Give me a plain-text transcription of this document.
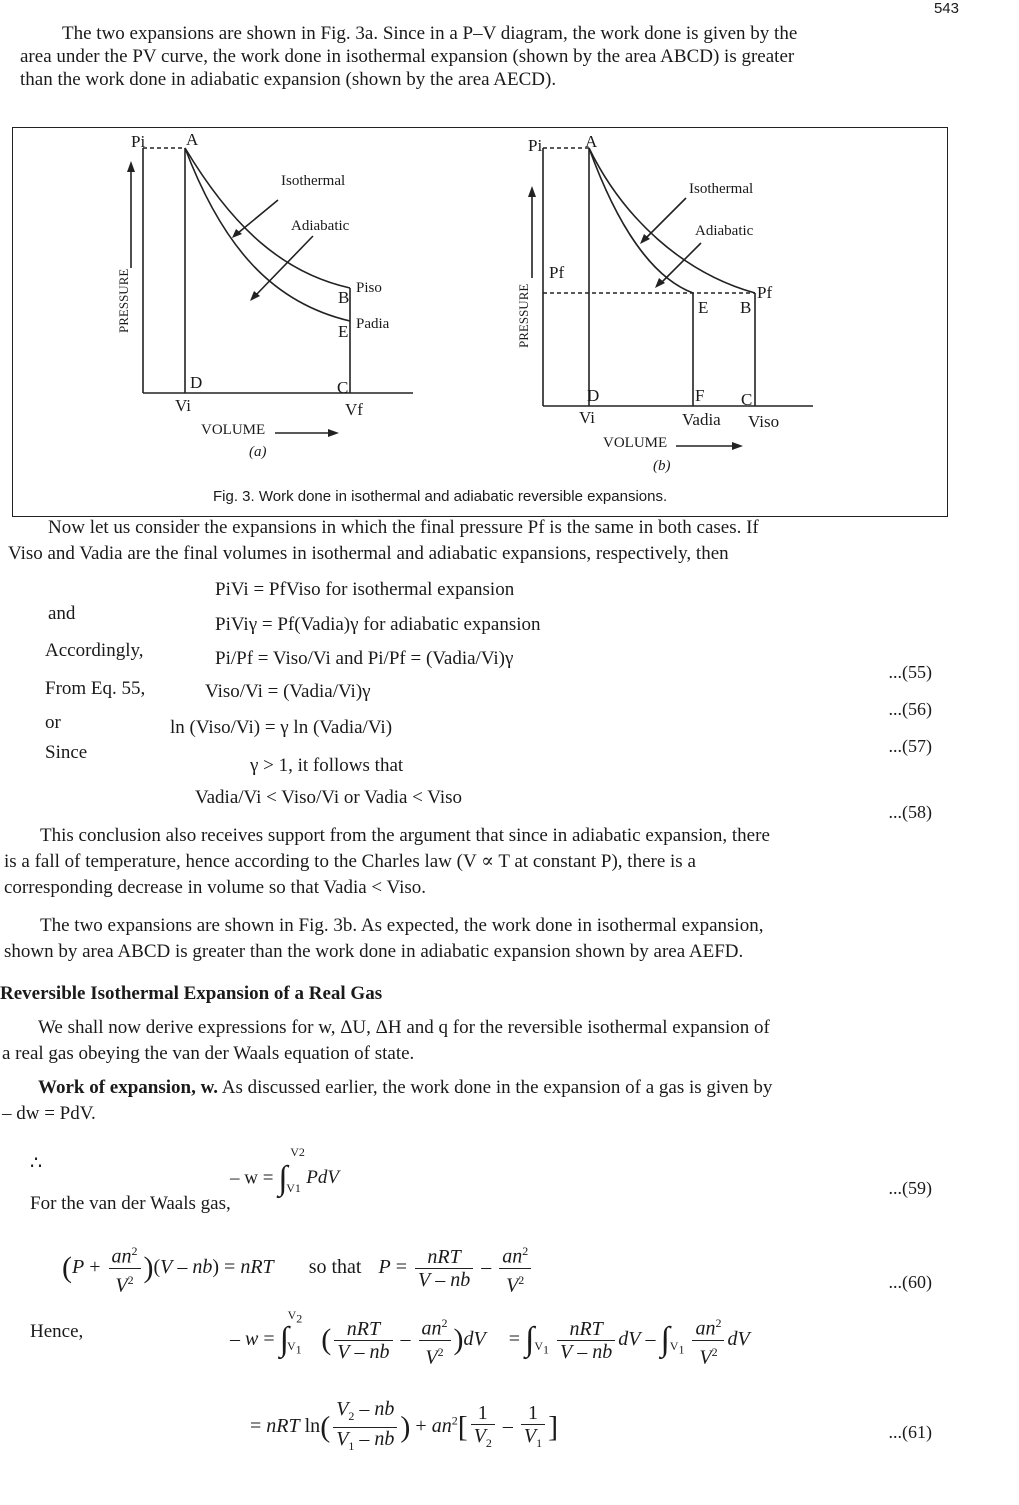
543
The two expansions are shown in Fig. 3a. Since in a P–V diagram, the work done is given by the
area under the PV curve, the work done in isothermal expansion (shown by the area ABCD) is greater
than the work done in adiabatic expansion (shown by the area AECD).
Pi A
Isothermal
Adiabatic
B Piso
E Padia
PRESSURE
D	C
Vi	Vf
VOLUME
(a)
Pi	A
Isothermal
Adiabatic
Pf
Pf
E B
PRESSURE
D	F C
Vi	Vadia Viso
VOLUME
(b)
Fig. 3. Work done in isothermal and adiabatic reversible expansions.
Now let us consider the expansions in which the final pressure Pf is the same in both cases. If
Viso and Vadia are the final volumes in isothermal and adiabatic expansions, respectively, then
PiVi = PfViso for isothermal expansion
and
PiViγ = Pf(Vadia)γ for adiabatic expansion
Accordingly,	Pi/Pf = Viso/Vi and Pi/Pf = (Vadia/Vi)γ
...(55)
From Eq. 55,	Viso/Vi = (Vadia/Vi)γ
...(56)
or	ln (Viso/Vi) = γ ln (Vadia/Vi)
...(57)
Since
γ > 1, it follows that
Vadia/Vi < Viso/Vi or Vadia < Viso
...(58)
This conclusion also receives support from the argument that since in adiabatic expansion, there
is a fall of temperature, hence according to the Charles law (V ∝ T at constant P), there is a
corresponding decrease in volume so that Vadia < Viso.
The two expansions are shown in Fig. 3b. As expected, the work done in isothermal expansion,
shown by area ABCD is greater than the work done in adiabatic expansion shown by area AEFD.
Reversible Isothermal Expansion of a Real Gas
We shall now derive expressions for w, ΔU, ΔH and q for the reversible isothermal expansion of
a real gas obeying the van der Waals equation of state.
Work of expansion, w. As discussed earlier, the work done in the expansion of a gas is given by
– dw = PdV.
∴
– w = ∫
V2
V1 PdV	...(59)
For the van der Waals gas,
$(P + \frac{an^2}{V^2} )(V - nb)$ = nRT so that $P = \frac{\text{nRT}}{V - nb} - \frac{an^2}{V^2}$	...(60)
Hence,	– $w = \int_{V_1}^{V_2}$ ( $\frac{\text{nRT}}{V - nb} - \frac{an^2}{V^2} )dV = \int_{V_1} \frac{\text{nRT}}{V - nb}$ dV – $\int_{V_1} \frac{an^2}{V^2}$ dV
= nRT $\ln( \frac{V_2 - nb}{V_1 - nb}$ ) + $an^2[ \frac{1}{V_2} - \frac{1}{V_1}$ ]	...(61)
